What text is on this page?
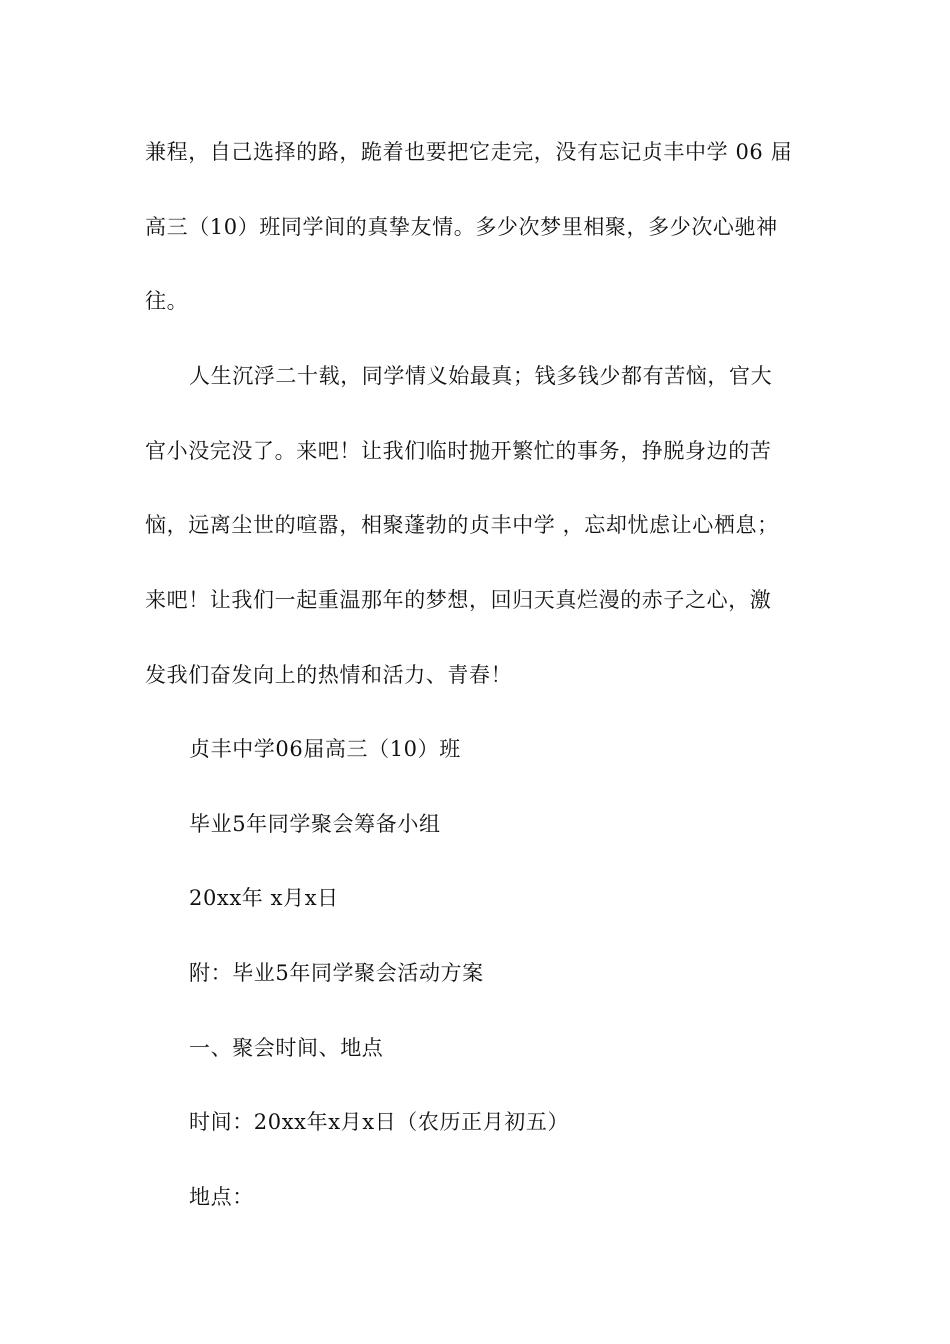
兼程，自己选择的路，跪着也要把它走完，没有忘记贞丰中学 06 届
高三（10）班同学间的真挚友情。多少次梦里相聚，多少次心驰神
往。
人生沉浮二十载，同学情义始最真；钱多钱少都有苦恼，官大
官小没完没了。来吧！让我们临时抛开繁忙的事务，挣脱身边的苦
恼，远离尘世的喧嚣，相聚蓬勃的贞丰中学 ，忘却忧虑让心栖息；
来吧！让我们一起重温那年的梦想，回归天真烂漫的赤子之心，激
发我们奋发向上的热情和活力、青春！
贞丰中学06届高三（10）班
毕业5年同学聚会筹备小组
20xx年 x月x日
附：毕业5年同学聚会活动方案
一、聚会时间、地点
时间：20xx年x月x日（农历正月初五）
地点：
